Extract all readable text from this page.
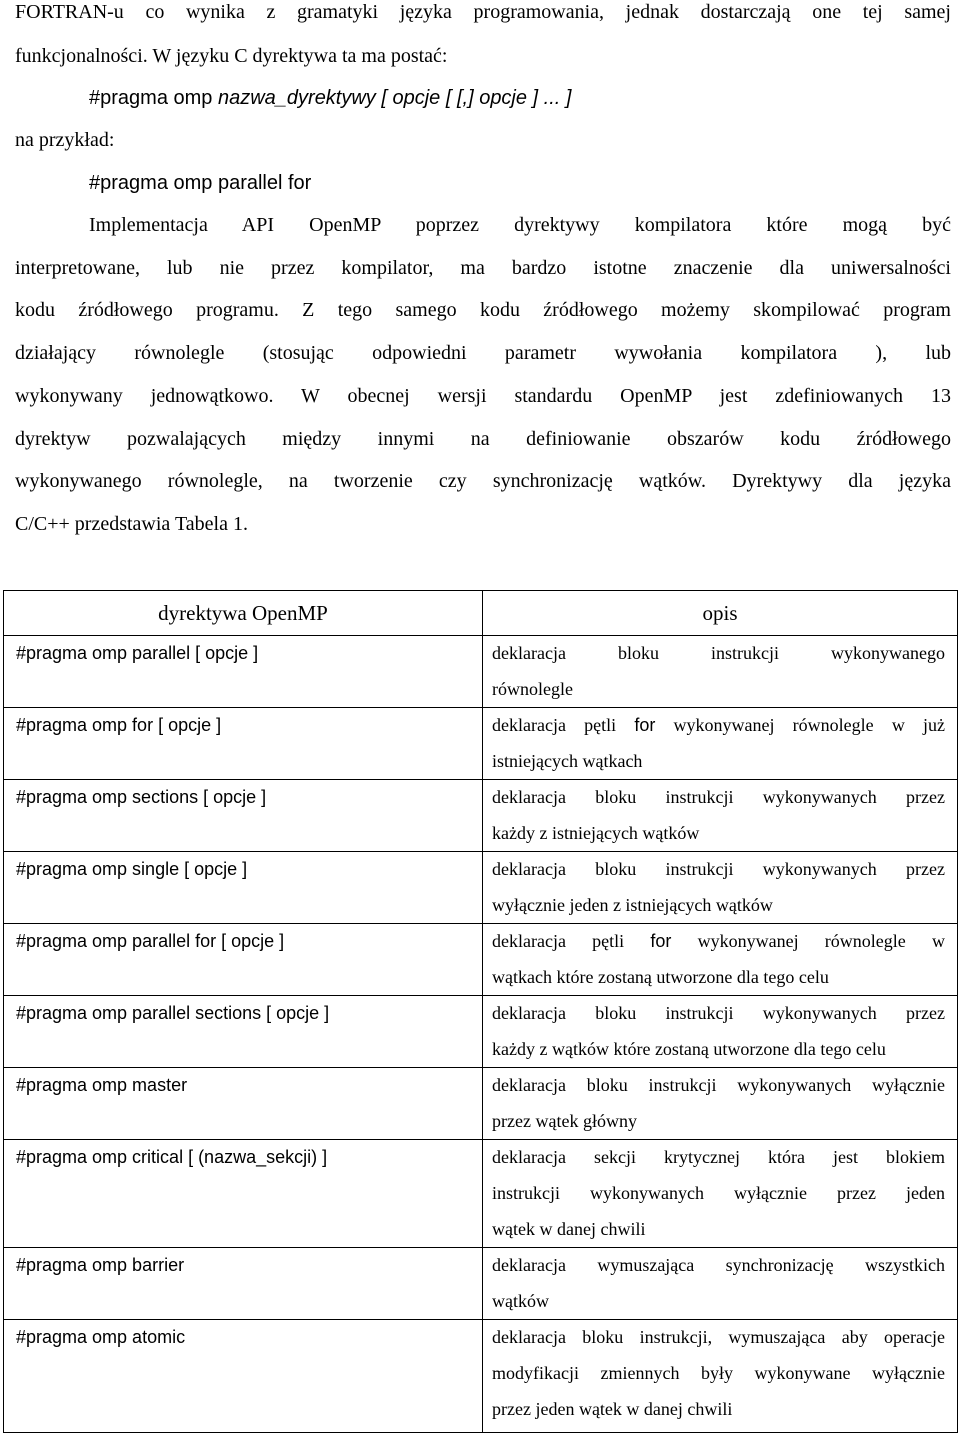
FORTRAN-u co wynika z gramatyki języka programowania, jednak dostarczają one tej samej
funkcjonalności. W języku C dyrektywa ta ma postać:
#pragma omp nazwa_dyrektywy [ opcje [ [,] opcje ] ... ]
na przykład:
#pragma omp parallel for
Implementacja API OpenMP poprzez dyrektywy kompilatora które mogą być
interpretowane, lub nie przez kompilator, ma bardzo istotne znaczenie dla uniwersalności
kodu źródłowego programu. Z tego samego kodu źródłowego możemy skompilować program
działający równolegle (stosując odpowiedni parametr wywołania kompilatora ), lub
wykonywany jednowątkowo. W obecnej wersji standardu OpenMP jest zdefiniowanych 13
dyrektyw pozwalających między innymi na definiowanie obszarów kodu źródłowego
wykonywanego równolegle, na tworzenie czy synchronizację wątków. Dyrektywy dla języka
C/C++ przedstawia Tabela 1.
dyrektywa OpenMP	opis
#pragma omp parallel [ opcje ]	deklaracja bloku instrukcji wykonywanego
równolegle
#pragma omp for [ opcje ]	deklaracja pętli for wykonywanej równolegle w już
istniejących wątkach
#pragma omp sections [ opcje ]	deklaracja bloku instrukcji wykonywanych przez
każdy z istniejących wątków
#pragma omp single [ opcje ]	deklaracja bloku instrukcji wykonywanych przez
wyłącznie jeden z istniejących wątków
#pragma omp parallel for [ opcje ]	deklaracja pętli for wykonywanej równolegle w
wątkach które zostaną utworzone dla tego celu
#pragma omp parallel sections [ opcje ]	deklaracja bloku instrukcji wykonywanych przez
każdy z wątków które zostaną utworzone dla tego celu
#pragma omp master	deklaracja bloku instrukcji wykonywanych wyłącznie
przez wątek główny
#pragma omp critical [ (nazwa_sekcji) ]	deklaracja sekcji krytycznej która jest blokiem
instrukcji wykonywanych wyłącznie przez jeden
wątek w danej chwili
#pragma omp barrier	deklaracja wymuszająca synchronizację wszystkich
wątków
#pragma omp atomic	deklaracja bloku instrukcji, wymuszająca aby operacje
modyfikacji zmiennych były wykonywane wyłącznie
przez jeden wątek w danej chwili
